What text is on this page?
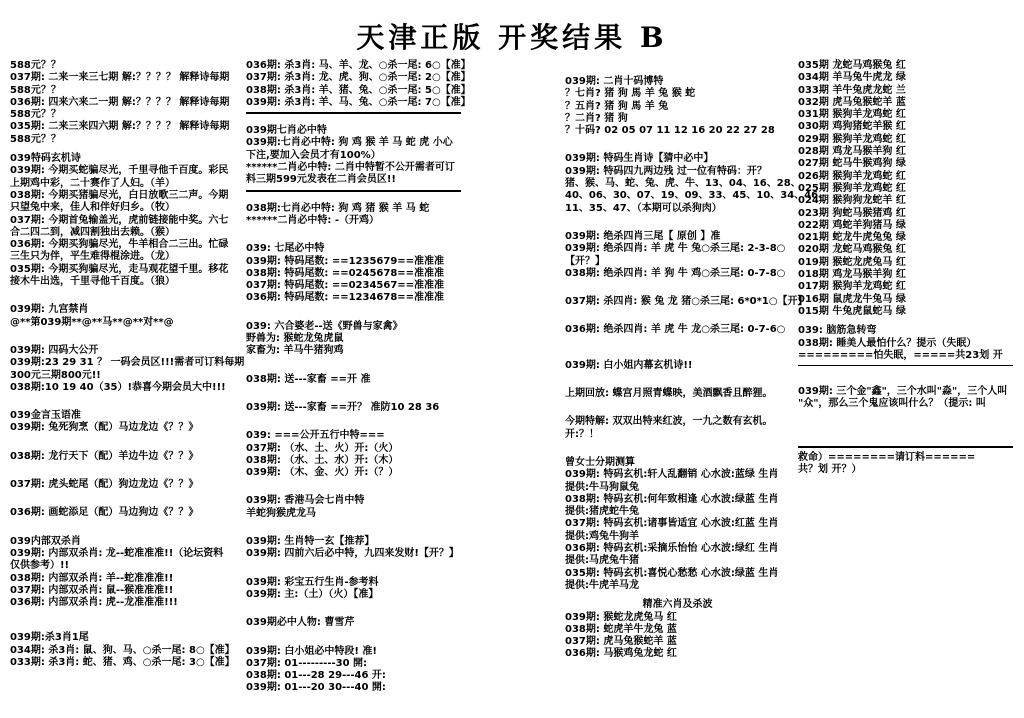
天津正版 开奖结果 B
588元？？
037期: 二来一来三七期 解:？？？？ 解释诗每期
588元？？
036期: 四来六来二一期 解:？？？？ 解释诗每期
588元？？
035期: 二来三来四六期 解:？？？？ 解释诗每期
588元？？
039特码玄机诗
039期: 今期买蛇骗尽光，千里寻他千百度。彩民
上期鸡中彩，二十赛作了人妇。（羊）
038期: 今期买猪骗尽光，白日放歌三二声。今期
只望兔中来，佳人和伴好归乡。（牧）
037期: 今期首兔输盖光，虎前链接能中奖。六七
合二四二到，减四割独出去赖。（猴）
036期: 今期买狗骗尽光，牛羊相合二三出。忙碌
三生只为伴，平生难得棍涂进。（龙）
035期: 今期买狗骗尽光，走马观花望千里。移花
接木牛出选，千里寻他千百度。（狼）
039期: 九宫禁肖
@**第039期**@**马**@**对**@
039期: 四码大公开
039期:23 29 31 ？ 一码会员区!!!需者可订料每期
300元三期800元!!
038期:10 19 40（35）!恭喜今期会员大中!!!
039金言玉语准
039期: 兔死狗烹（配）马边龙边《？？》
038期: 龙行天下（配）羊边牛边《？？》
037期: 虎头蛇尾（配）狗边龙边《？？》
036期: 画蛇添足（配）马边狗边《？？》
039内部双杀肖
039期: 内部双杀肖: 龙--蛇准准准!!（论坛资料
仅供参考）!!
038期: 内部双杀肖: 羊--蛇准准准!!
037期: 内部双杀肖: 鼠--猴准准准!!
036期: 内部双杀肖: 虎--龙准准准!!!
039期:杀3肖1尾
034期: 杀3肖: 鼠、狗、马、○杀一尾: 8○【准】
033期: 杀3肖: 蛇、猪、鸡、○杀一尾: 3○【准】
036期: 杀3肖: 马、羊、龙、○杀一尾: 6○【准】
037期: 杀3肖: 龙、虎、狗、○杀一尾: 2○【准】
038期: 杀3肖: 羊、猪、兔、○杀一尾: 5○【准】
039期: 杀3肖: 羊、马、兔、○杀一尾: 7○【准】
039期七肖必中特
039期:七肖必中特: 狗 鸡 猴 羊 马 蛇 虎 小心
下注,要加入会员才有100%）
******二肖必中特: 二肖中特暂不公开需者可订
料三期599元发表在二肖会员区!!
038期:七肖必中特: 狗 鸡 猪 猴 羊 马 蛇
******二肖必中特: -（开鸡）
039: 七尾必中特
039期: 特码尾数: ==1235679==准准准
038期: 特码尾数: ==0245678==准准准
037期: 特码尾数: ==0234567==准准准
036期: 特码尾数: ==1234678==准准准
039: 六合婆老--送《野兽与家禽》
野兽为: 猴蛇龙兔虎鼠
家畜为: 羊马牛猪狗鸡
038期: 送---家畜 ==开 准
039期: 送---家畜 ==开？ 准防10 28 36
039: ===公开五行中特===
037期: （水、土、火）开:（火）
038期: （水、土、水）开:（木）
039期: （木、金、火）开:（？）
039期: 香港马会七肖中特
羊蛇狗猴虎龙马
039期: 生肖特一玄【推荐】
039期: 四前六后必中特，九四来发财!【开？】
039期: 彩宝五行生肖-参考料
039期: 主:（土）（火）【准】
039期必中人物: 曹雪芹
039期: 白小姐必中特段! 准!
037期: 01---------30 開:
038期: 01---28 29---46 开:
039期: 01---20 30---40 開:
039期: 二肖十码博特
？七肖? 猪 狗 馬 羊 兔 猴 蛇
？五肖? 猪 狗 馬 羊 兔
？二肖? 猪 狗
？十码? 02 05 07 11 12 16 20 22 27 28
039期: 特码生肖诗【猜中必中】
039期: 特码四九两边残 过一位有特码：开？
猪、猴、马、蛇、兔、虎、牛、13、04、16、28、
40、06、30、07、19、09、33、45、10、34、46、
11、35、47、（本期可以杀狗肉）
039期: 绝杀四肖三尾【 原创 】准
039期: 绝杀四肖: 羊 虎 牛 兔○杀三尾: 2-3-8○
【开？】
038期: 绝杀四肖: 羊 狗 牛 鸡○杀三尾: 0-7-8○
037期: 杀四肖: 猴 兔 龙 猪○杀三尾: 6*0*1○【开】
036期: 绝杀四肖: 羊 虎 牛 龙○杀三尾: 0-7-6○
039期: 白小姐内幕玄机诗!!
上期回放: 蝶宫月照青蝶映，美酒飘香且醉狸。
今期特解: 双双出特来红波，一九之数有玄机。
开:？！
曾女士分期测算
039期: 特码玄机:轩人乱翻销 心水波:蓝绿 生肖
提供:牛马狗鼠兔
038期: 特码玄机:何年致相逢 心水波:绿蓝 生肖
提供:猪虎蛇牛兔
037期: 特码玄机:诸事皆适宜 心水波:红蓝 生肖
提供:鸡兔牛狗羊
036期: 特码玄机:采摘乐怡怡 心水波:绿红 生肖
提供:马虎兔牛猪
035期: 特码玄机:喜悦心愁愁 心水波:绿蓝 生肖
提供:牛虎羊马龙
精准六肖及杀波
039期: 猴蛇龙虎兔马 红
038期: 蛇虎羊牛龙兔 蓝
037期: 虎马兔猴蛇羊 蓝
036期: 马猴鸡兔龙蛇 红
035期 龙蛇马鸡猴兔 红
034期 羊马兔牛虎龙 绿
033期 羊牛兔虎龙蛇 兰
032期 虎马兔猴蛇羊 蓝
031期 猴狗羊龙鸡蛇 红
030期 鸡狗猪蛇羊猴 红
029期 猴狗羊龙鸡蛇 红
028期 鸡龙马猴羊狗 红
027期 蛇马牛猴鸡狗 绿
026期 猴狗羊龙鸡蛇 红
025期 猴狗羊龙鸡蛇 红
024期 猴狗狗龙蛇羊 红
023期 狗蛇马猴猪鸡 红
022期 鸡蛇羊狗猪马 绿
021期 蛇龙牛虎兔兔 绿
020期 龙蛇马鸡猴兔 红
019期 猴蛇龙虎兔马 红
018期 鸡龙马猴羊狗 红
017期 猴狗羊龙鸡蛇 红
016期 鼠虎龙牛兔马 绿
015期 牛兔虎鼠蛇马 绿
039: 脑筋急转弯
038期: 睡美人最怕什么？提示（失眠）
=========怕失眠，=====共23划 开
039期: 三个金"鑫"，三个水叫"淼"，三个人叫
"众"，那么三个鬼应该叫什么？（提示: 叫
救命）========请订料======
共？划 开？）
